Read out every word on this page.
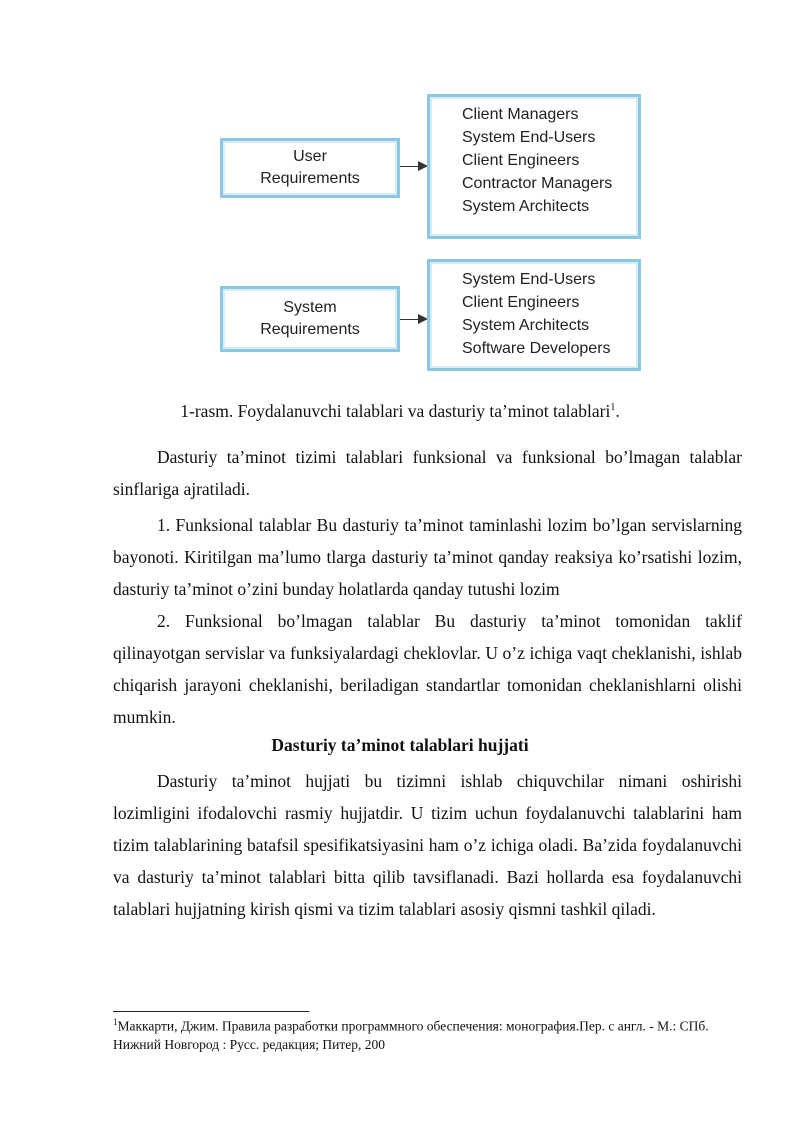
User
Requirements
Client Managers
System End-Users
Client Engineers
Contractor Managers
System Architects
System
Requirements
System End-Users
Client Engineers
System Architects
Software Developers
1-rasm. Foydalanuvchi talablari va dasturiy ta’minot talablari$^1$.

Dasturiy ta’minot tizimi talablari funksional va funksional bo’lmagan talablar sinflariga ajratiladi.

1. Funksional talablar Bu dasturiy ta’minot taminlashi lozim bo’lgan servislarning bayonoti. Kiritilgan ma’lumo tlarga dasturiy ta’minot qanday reaksiya ko’rsatishi lozim, dasturiy ta’minot o’zini bunday holatlarda qanday tutushi lozim

2. Funksional bo’lmagan talablar Bu dasturiy ta’minot tomonidan taklif qilinayotgan servislar va funksiyalardagi cheklovlar. U o’z ichiga vaqt cheklanishi, ishlab chiqarish jarayoni cheklanishi, beriladigan standartlar tomonidan cheklanishlarni olishi mumkin.

Dasturiy ta’minot talablari hujjati

Dasturiy ta’minot hujjati bu tizimni ishlab chiquvchilar nimani oshirishi lozimligini ifodalovchi rasmiy hujjatdir. U tizim uchun foydalanuvchi talablarini ham tizim talablarining batafsil spesifikatsiyasini ham o’z ichiga oladi. Ba’zida foydalanuvchi va dasturiy ta’minot talablari bitta qilib tavsiflanadi. Bazi hollarda esa foydalanuvchi talablari hujjatning kirish qismi va tizim talablari asosiy qismni tashkil qiladi.

$^1$Маккарти, Джим. Правила разработки программного обеспечения: монография.Пер. с англ. - М.: СПб. Нижний Новгород : Русс. редакция; Питер, 200
